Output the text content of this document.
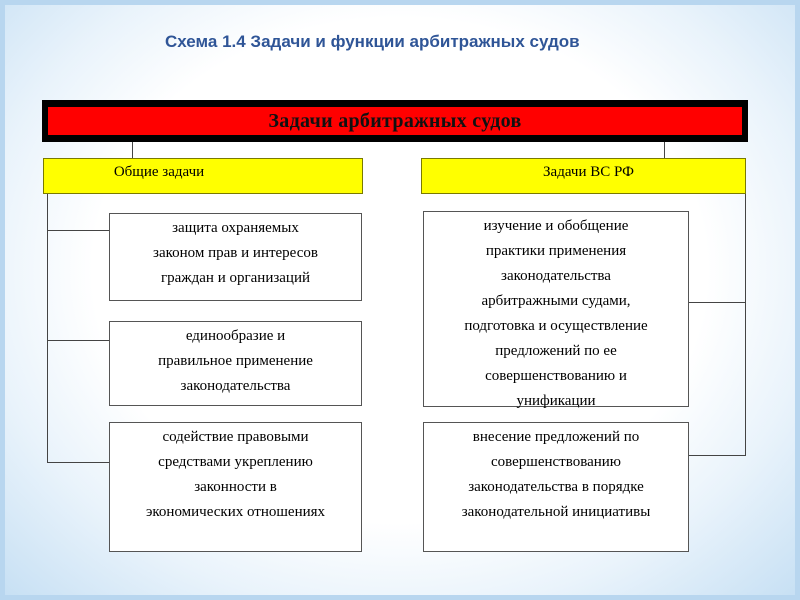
Схема 1.4 Задачи и функции арбитражных судов
Задачи арбитражных судов
Общие задачи	Задачи ВС РФ
защита охраняемых
законом прав и интересов
граждан и организаций
единообразие и
правильное применение
законодательства
содействие правовыми
средствами укреплению
законности в
экономических отношениях
изучение и обобщение
практики применения
законодательства
арбитражными судами,
подготовка и осуществление
предложений по ее
совершенствованию и
унификации
внесение предложений по
совершенствованию
законодательства в порядке
законодательной инициативы
